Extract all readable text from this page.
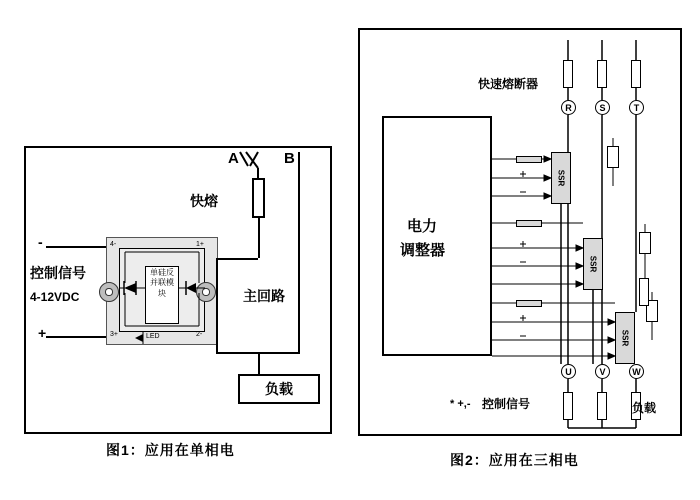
A	B
快熔
主回路
负载
控制信号
4-12VDC
-
+
单硅反并联模块
4-	1+
3+	2-
LED
图1：应用在单相电
电力
调整器
快速熔断器
R	S	T
U	V	W
负载
* +,- 控制信号
SSR
SSR
SSR
图2：应用在三相电
